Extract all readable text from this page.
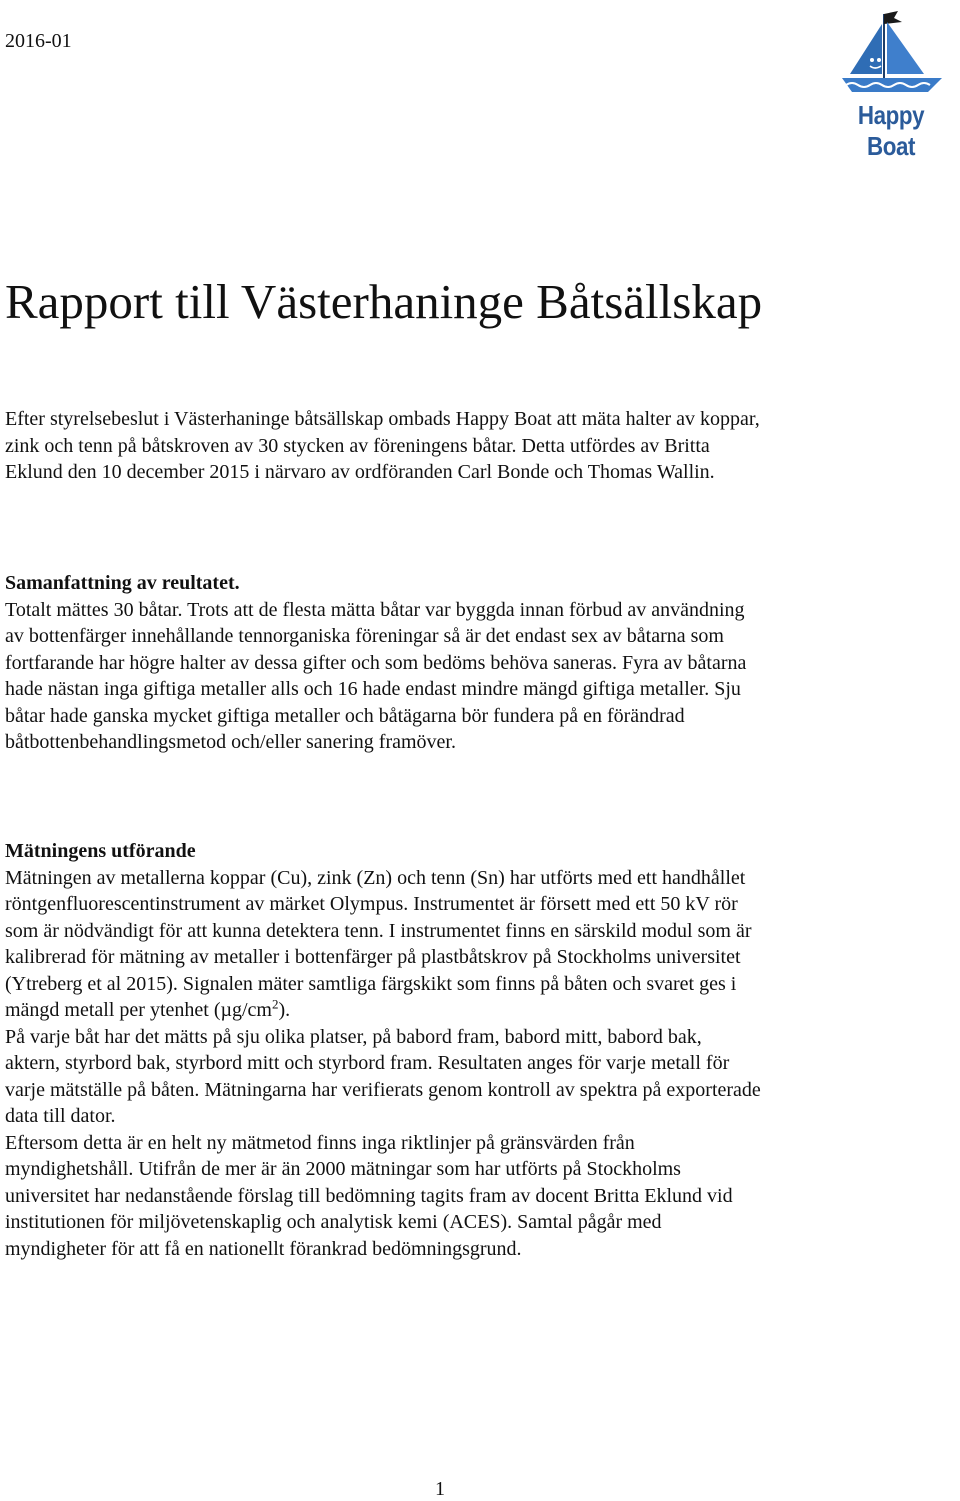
2016-01
Happy Boat
Rapport till Västerhaninge Båtsällskap
Efter styrelsebeslut i Västerhaninge båtsällskap ombads Happy Boat att mäta halter av koppar,
zink och tenn på båtskroven av 30 stycken av föreningens båtar. Detta utfördes av Britta
Eklund den 10 december 2015 i närvaro av ordföranden Carl Bonde och Thomas Wallin.
Samanfattning av reultatet.
Totalt mättes 30 båtar. Trots att de flesta mätta båtar var byggda innan förbud av användning
av bottenfärger innehållande tennorganiska föreningar så är det endast sex av båtarna som
fortfarande har högre halter av dessa gifter och som bedöms behöva saneras. Fyra av båtarna
hade nästan inga giftiga metaller alls och 16 hade endast mindre mängd giftiga metaller. Sju
båtar hade ganska mycket giftiga metaller och båtägarna bör fundera på en förändrad
båtbottenbehandlingsmetod och/eller sanering framöver.
Mätningens utförande
Mätningen av metallerna koppar (Cu), zink (Zn) och tenn (Sn) har utförts med ett handhållet
röntgenfluorescentinstrument av märket Olympus. Instrumentet är försett med ett 50 kV rör
som är nödvändigt för att kunna detektera tenn. I instrumentet finns en särskild modul som är
kalibrerad för mätning av metaller i bottenfärger på plastbåtskrov på Stockholms universitet
(Ytreberg et al 2015). Signalen mäter samtliga färgskikt som finns på båten och svaret ges i
mängd metall per ytenhet $(\mu g/cm^2)$.
På varje båt har det mätts på sju olika platser, på babord fram, babord mitt, babord bak,
aktern, styrbord bak, styrbord mitt och styrbord fram. Resultaten anges för varje metall för
varje mätställe på båten. Mätningarna har verifierats genom kontroll av spektra på exporterade
data till dator.
Eftersom detta är en helt ny mätmetod finns inga riktlinjer på gränsvärden från
myndighetshåll. Utifrån de mer är än 2000 mätningar som har utförts på Stockholms
universitet har nedanstående förslag till bedömning tagits fram av docent Britta Eklund vid
institutionen för miljövetenskaplig och analytisk kemi (ACES). Samtal pågår med
myndigheter för att få en nationellt förankrad bedömningsgrund.
1
